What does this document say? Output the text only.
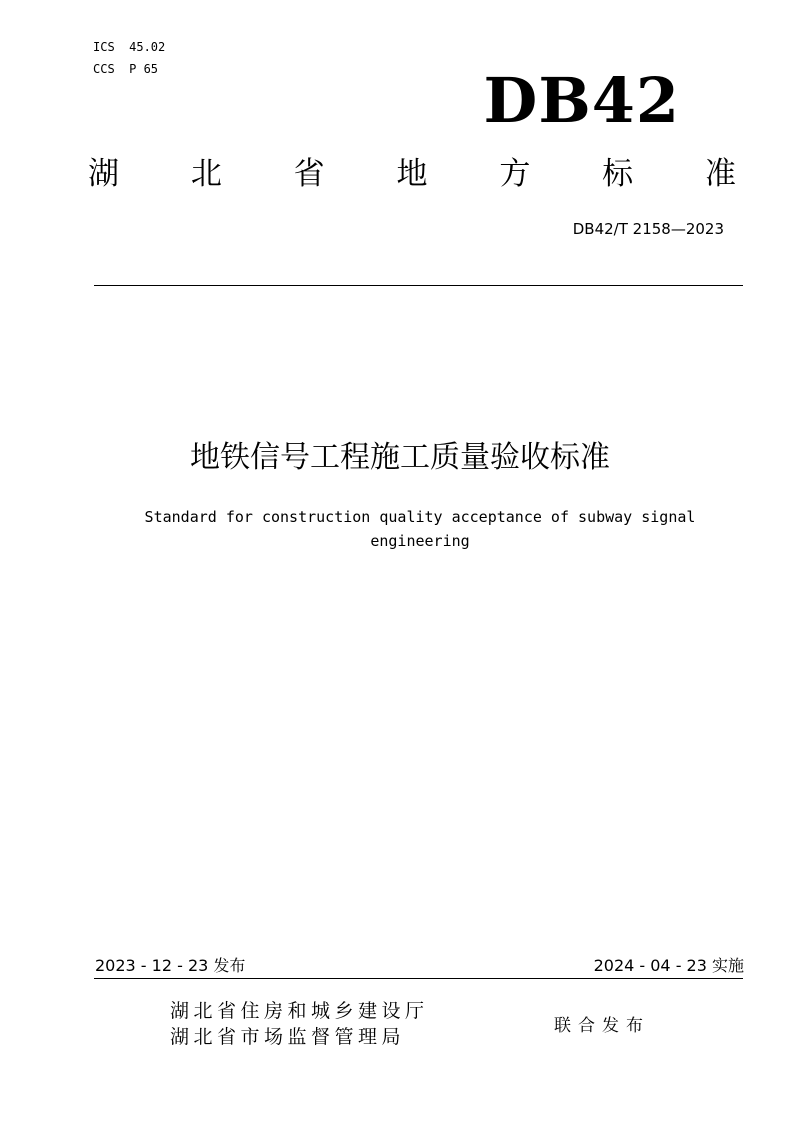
ICS  45.02
CCS  P 65	DB42
湖 北 省 地 方 标 准
DB42/T 2158—2023
地铁信号工程施工质量验收标准
Standard for construction quality acceptance of subway signal
engineering
2023 - 12 - 23 发布	2024 - 04 - 23 实施
湖北省住房和城乡建设厅
湖北省市场监督管理局	联合发布
